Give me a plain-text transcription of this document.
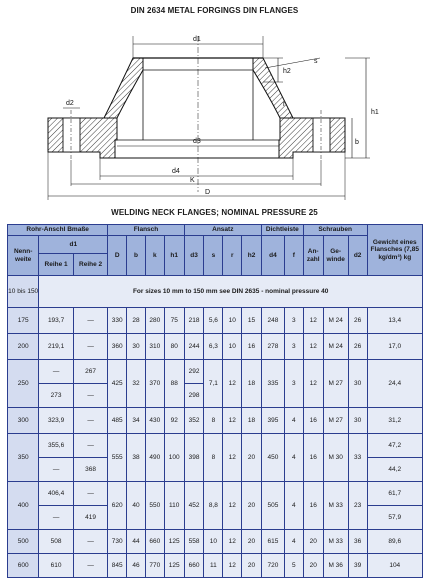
DIN 2634 METAL FORGINGS DIN FLANGES
d1
h2
s
h1
b
r
d2
d3
d4
K
D
WELDING NECK FLANGES; NOMINAL PRESSURE 25
Rohr-Anschl Bmaße			Flansch				Ansatz				Dichtleiste		Schrauben			Gewicht eines Flansches (7,85 kg/dm³) kg
Nenn-weite	d1		D	b	k	h1	d3	s	r	h2	d4	f	An-zahl	Ge-winde	d2	
	Reihe 1	Reihe 2														
10 bis 150	For sizes 10 mm to 150 mm see DIN 2635 - nominal pressure 40															
175	193,7	—	330	28	280	75	218	5,6	10	15	248	3	12	M 24	26	13,4
200	219,1	—	360	30	310	80	244	6,3	10	16	278	3	12	M 24	26	17,0
250	—	267	425	32	370	88	292	7,1	12	18	335	3	12	M 27	30	24,4
	273	—					298									
300	323,9	—	485	34	430	92	352	8	12	18	395	4	16	M 27	30	31,2
350	355,6	—	555	38	490	100	398	8	12	20	450	4	16	M 30	33	47,2
	—	368														44,2
400	406,4	—	620	40	550	110	452	8,8	12	20	505	4	16	M 33	23	61,7
	—	419														57,9
500	508	—	730	44	660	125	558	10	12	20	615	4	20	M 33	36	89,6
600	610	—	845	46	770	125	660	11	12	20	720	5	20	M 36	39	104
